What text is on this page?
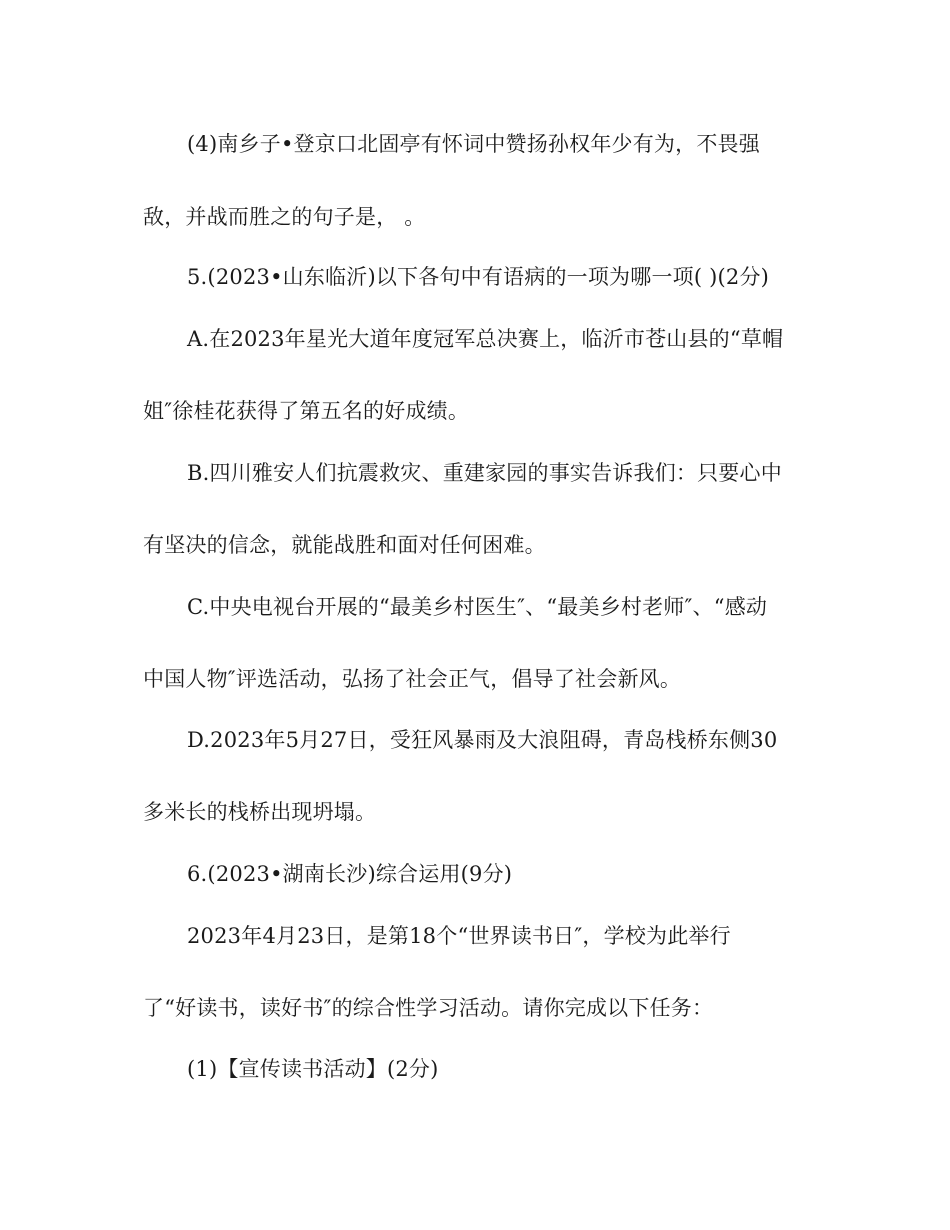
(4)南乡子•登京口北固亭有怀词中赞扬孙权年少有为，不畏强
敌，并战而胜之的句子是， 。
5.(2023•山东临沂)以下各句中有语病的一项为哪一项( )(2分)
A.在2023年星光大道年度冠军总决赛上，临沂市苍山县的“草帽
姐″徐桂花获得了第五名的好成绩。
B.四川雅安人们抗震救灾、重建家园的事实告诉我们：只要心中
有坚决的信念，就能战胜和面对任何困难。
C.中央电视台开展的“最美乡村医生″、“最美乡村老师″、“感动
中国人物″评选活动，弘扬了社会正气，倡导了社会新风。
D.2023年5月27日，受狂风暴雨及大浪阻碍，青岛栈桥东侧30
多米长的栈桥出现坍塌。
6.(2023•湖南长沙)综合运用(9分)
2023年4月23日，是第18个“世界读书日″，学校为此举行
了“好读书，读好书″的综合性学习活动。请你完成以下任务：
(1)【宣传读书活动】(2分)
